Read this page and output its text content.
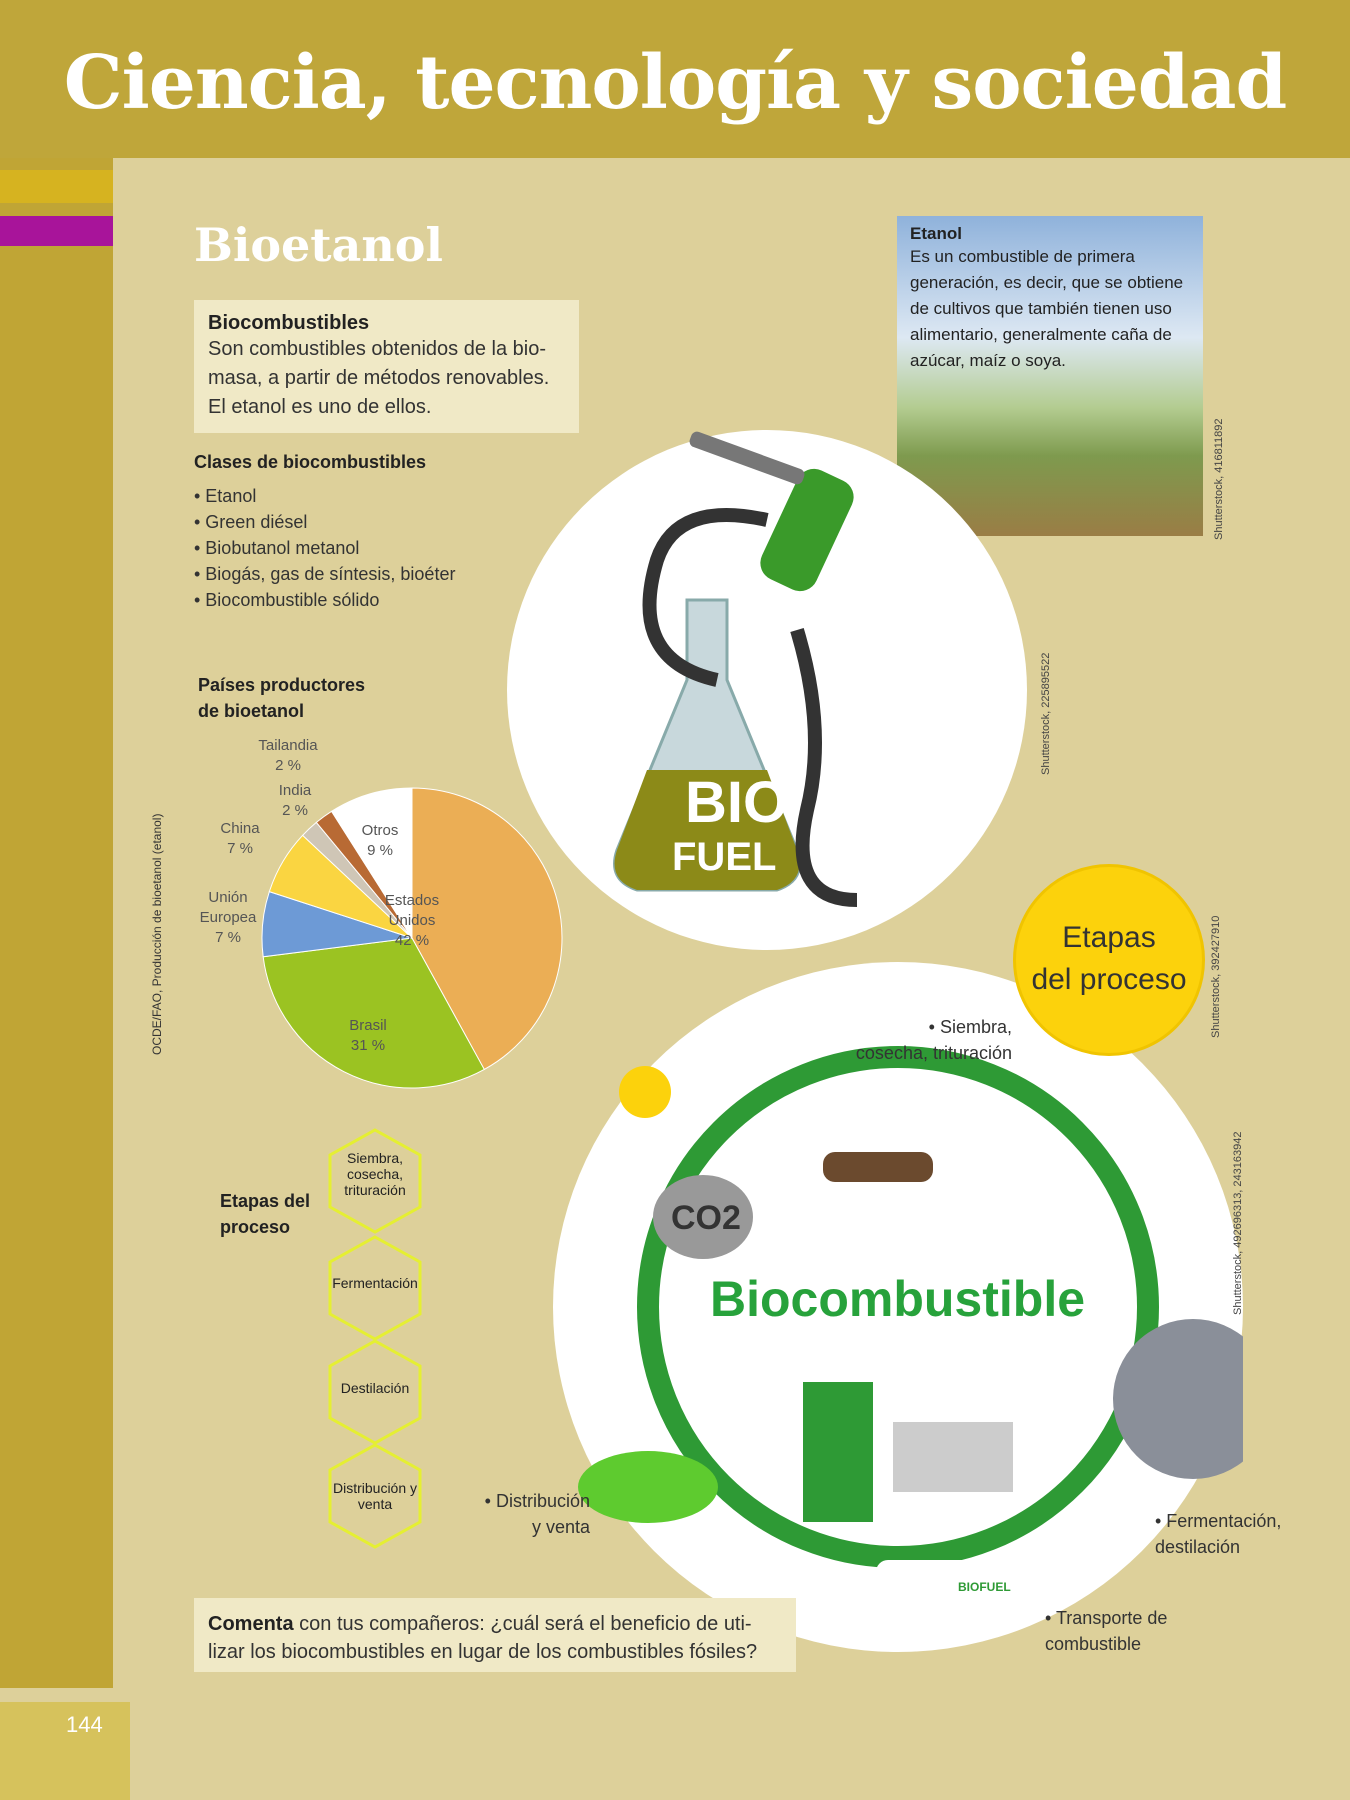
Ciencia, tecnología y sociedad
144
Bioetanol
Biocombustibles
Son combustibles obtenidos de la bio-masa, a partir de métodos renovables. El etanol es uno de ellos.
Clases de biocombustibles
• Etanol
• Green diésel
• Biobutanol metanol
• Biogás, gas de síntesis, bioéter
• Biocombustible sólido
Países productores de bioetanol
OCDE/FAO, Producción de bioetanol (etanol)	Estados Unidos 42 %
Brasil 31 %
Unión Europea 7 %
China 7 %
India 2 %
Tailandia 2 %
Otros 9 %
Etanol
Es un combustible de primera generación, es decir, que se obtiene de cultivos que también tienen uso alimentario, generalmente caña de azúcar, maíz o soya.
Shutterstock, 416811892
BIO
FUEL
Shutterstock, 225895522
CO2
Biocombustible
BIOFUEL
Etapas
del proceso	Shutterstock, 392427910
Shutterstock, 492696313, 243163942
• Siembra, cosecha, trituración
• Fermentación, destilación
• Transporte de combustible
• Distribución y venta
Etapas del proceso
Siembra, cosecha, trituración
Fermentación
Destilación
Distribución y venta
Comenta con tus compañeros: ¿cuál será el beneficio de uti-lizar los biocombustibles en lugar de los combustibles fósiles?
